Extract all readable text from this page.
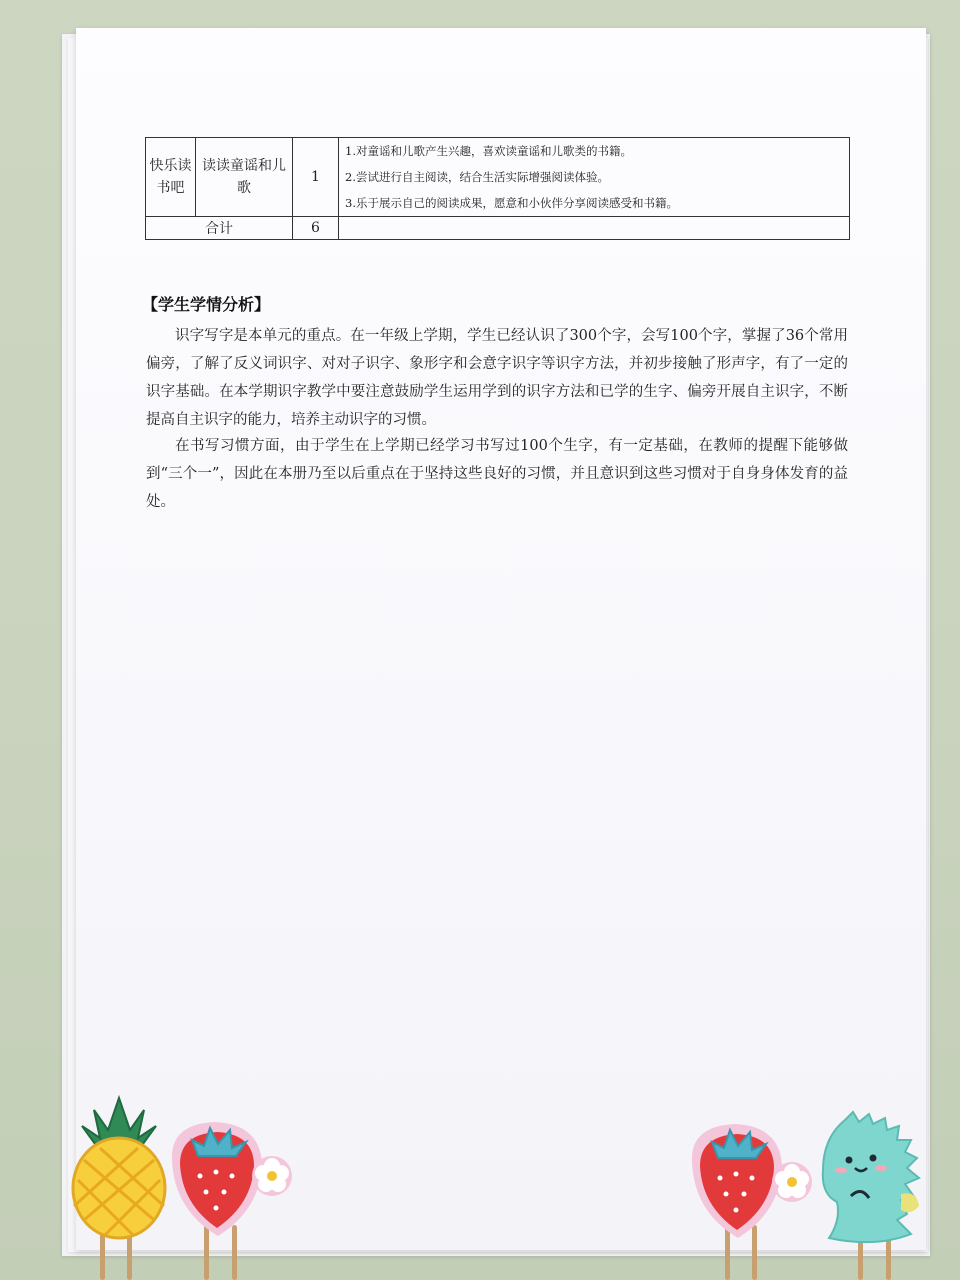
快乐读书吧	读读童谣和儿歌	1	1.对童谣和儿歌产生兴趣，喜欢读童谣和儿歌类的书籍。
2.尝试进行自主阅读，结合生活实际增强阅读体验。
3.乐于展示自己的阅读成果，愿意和小伙伴分享阅读感受和书籍。

合计		6	
【学生学情分析】

识字写字是本单元的重点。在一年级上学期，学生已经认识了300个字，会写100个字，掌握了36个常用偏旁，了解了反义词识字、对对子识字、象形字和会意字识字等识字方法，并初步接触了形声字，有了一定的识字基础。在本学期识字教学中要注意鼓励学生运用学到的识字方法和已学的生字、偏旁开展自主识字，不断提高自主识字的能力，培养主动识字的习惯。

在书写习惯方面，由于学生在上学期已经学习书写过100个生字，有一定基础，在教师的提醒下能够做到“三个一”，因此在本册乃至以后重点在于坚持这些良好的习惯，并且意识到这些习惯对于自身身体发育的益处。
